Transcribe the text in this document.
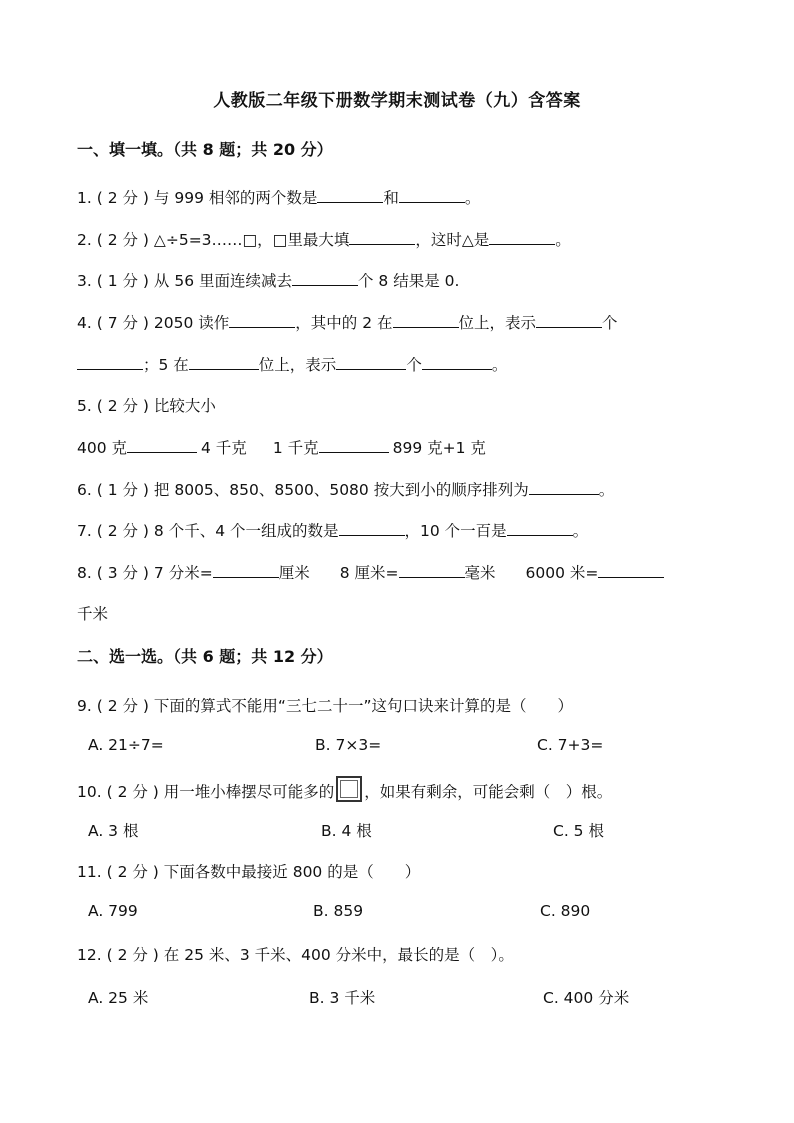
人教版二年级下册数学期末测试卷（九）含答案
一、填一填。（共 8 题；共 20 分）
1. ( 2 分 ) 与 999 相邻的两个数是	和	。
2. ( 2 分 ) △÷5=3……□，□里最大填	，这时△是	。
3. ( 1 分 ) 从 56 里面连续减去	个 8 结果是 0.
4. ( 7 分 ) 2050 读作	，其中的 2 在	位上，表示	个
；5 在	位上，表示	个	。
5. ( 2 分 ) 比较大小
400 克	4 千克 1 千克	899 克+1 克
6. ( 1 分 ) 把 8005、850、8500、5080 按大到小的顺序排列为	。
7. ( 2 分 ) 8 个千、4 个一组成的数是	，10 个一百是	。
8. ( 3 分 ) 7 分米=	厘米 8 厘米=	毫米 6000 米=
千米
二、选一选。（共 6 题；共 12 分）
9. ( 2 分 ) 下面的算式不能用“三七二十一”这句口诀来计算的是（　　）
A. 21÷7=	B. 7×3=	C. 7+3=
10. ( 2 分 ) 用一堆小棒摆尽可能多的 ，如果有剩余，可能会剩（　）根。
A. 3 根	B. 4 根	C. 5 根
11. ( 2 分 ) 下面各数中最接近 800 的是（　　）
A. 799	B. 859	C. 890
12. ( 2 分 ) 在 25 米、3 千米、400 分米中，最长的是（　）。
A. 25 米	B. 3 千米	C. 400 分米
